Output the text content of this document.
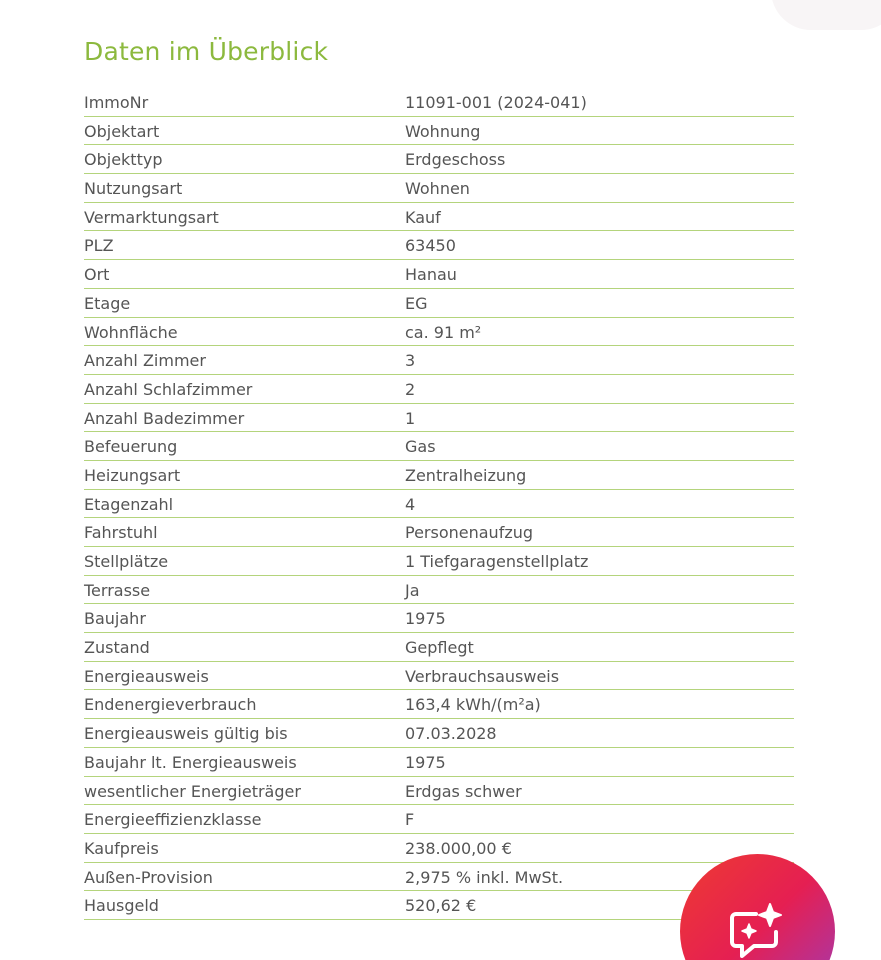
Daten im Überblick
ImmoNr	11091-001 (2024-041)
Objektart	Wohnung
Objekttyp	Erdgeschoss
Nutzungsart	Wohnen
Vermarktungsart	Kauf
PLZ	63450
Ort	Hanau
Etage	EG
Wohnfläche	ca. 91 m²
Anzahl Zimmer	3
Anzahl Schlafzimmer	2
Anzahl Badezimmer	1
Befeuerung	Gas
Heizungsart	Zentralheizung
Etagenzahl	4
Fahrstuhl	Personenaufzug
Stellplätze	1 Tiefgaragenstellplatz
Terrasse	Ja
Baujahr	1975
Zustand	Gepflegt
Energieausweis	Verbrauchsausweis
Endenergieverbrauch	163,4 kWh/(m²a)
Energieausweis gültig bis	07.03.2028
Baujahr lt. Energieausweis	1975
wesentlicher Energieträger	Erdgas schwer
Energieeffizienzklasse	F
Kaufpreis	238.000,00 €
Außen-Provision	2,975 % inkl. MwSt.
Hausgeld	520,62 €
